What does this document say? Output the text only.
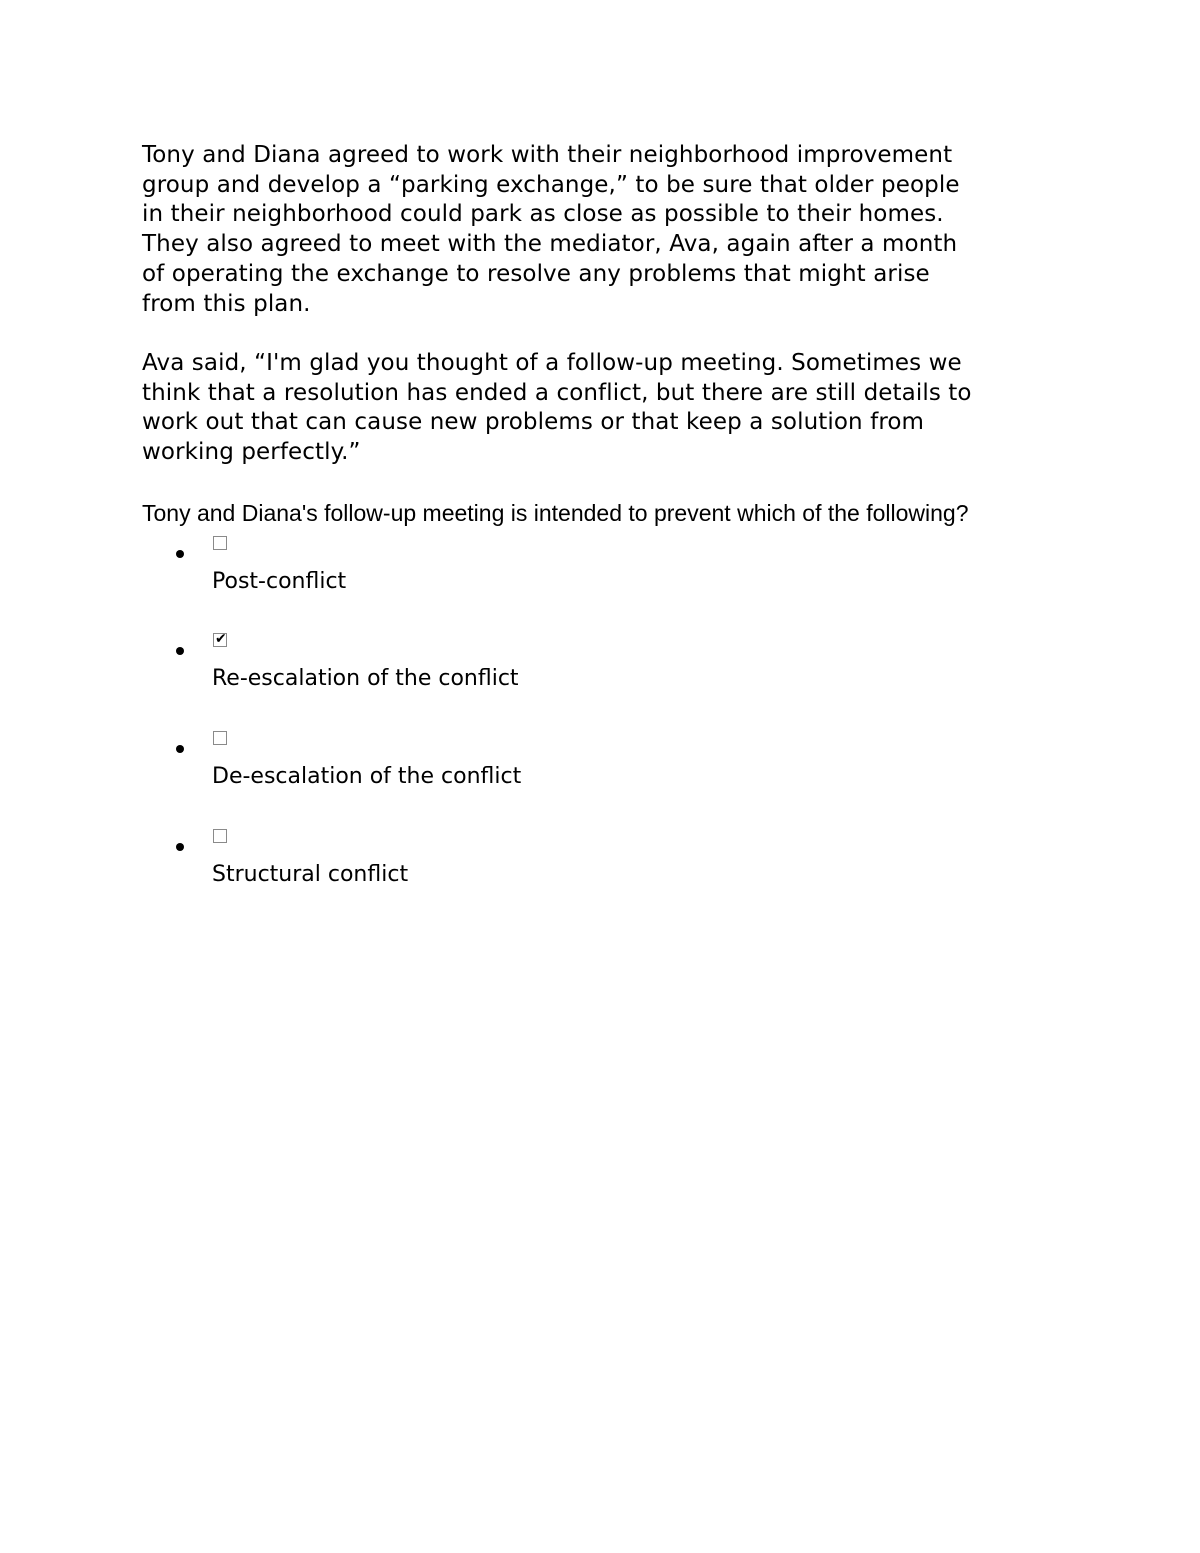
Tony and Diana agreed to work with their neighborhood improvement
group and develop a “parking exchange,” to be sure that older people
in their neighborhood could park as close as possible to their homes.
They also agreed to meet with the mediator, Ava, again after a month
of operating the exchange to resolve any problems that might arise
from this plan.

Ava said, “I'm glad you thought of a follow-up meeting. Sometimes we
think that a resolution has ended a conflict, but there are still details to
work out that can cause new problems or that keep a solution from
working perfectly.”

Tony and Diana's follow-up meeting is intended to prevent which of the following?

Post-conflict
✔
Re-escalation of the conflict
De-escalation of the conflict
Structural conflict
